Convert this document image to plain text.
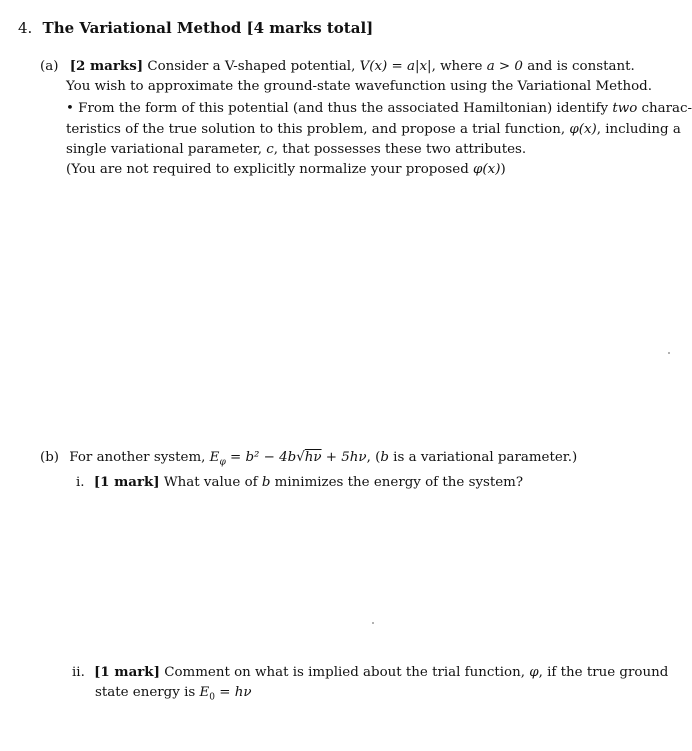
4. The Variational Method [4 marks total]
(a) [2 marks] Consider a V-shaped potential, V(x) = a|x|, where a > 0 and is constant.
You wish to approximate the ground-state wavefunction using the Variational Method.
• From the form of this potential (and thus the associated Hamiltonian) identify two charac-
teristics of the true solution to this problem, and propose a trial function, φ(x), including a
single variational parameter, c, that possesses these two attributes.
(You are not required to explicitly normalize your proposed φ(x))
(b) For another system, $E_\varphi = b^2 - 4b√h\nu + 5h\nu$, (b is a variational parameter.)
i. [1 mark] What value of b minimizes the energy of the system?
ii. [1 mark] Comment on what is implied about the trial function, φ, if the true ground
state energy is $E_0 = h\nu$
